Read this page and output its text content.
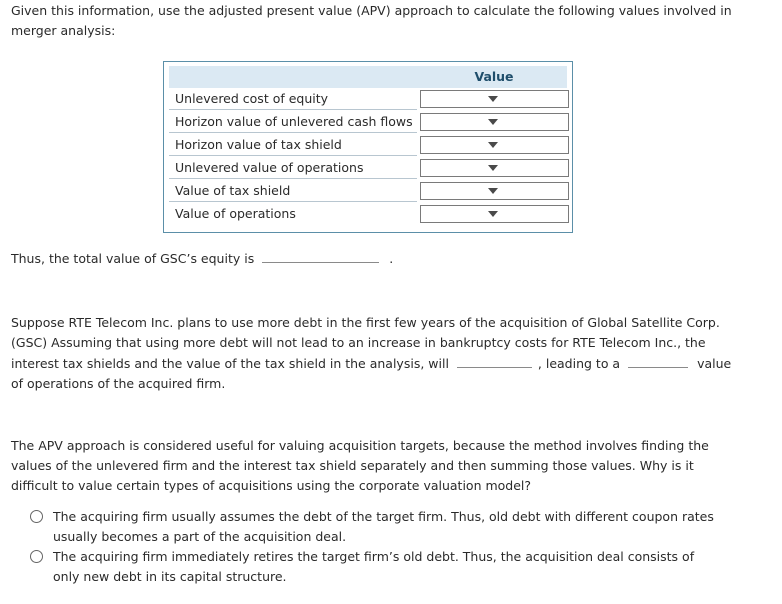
Given this information, use the adjusted present value (APV) approach to calculate the following values involved in merger analysis:

Value
Unlevered cost of equity
Horizon value of unlevered cash flows
Horizon value of tax shield
Unlevered value of operations
Value of tax shield
Value of operations

Thus, the total value of GSC’s equity is	.

Suppose RTE Telecom Inc. plans to use more debt in the first few years of the acquisition of Global Satellite Corp. (GSC) Assuming that using more debt will not lead to an increase in bankruptcy costs for RTE Telecom Inc., the interest tax shields and the value of the tax shield in the analysis, will	, leading to a	value of operations of the acquired firm.

The APV approach is considered useful for valuing acquisition targets, because the method involves finding the values of the unlevered firm and the interest tax shield separately and then summing those values. Why is it difficult to value certain types of acquisitions using the corporate valuation model?

The acquiring firm usually assumes the debt of the target firm. Thus, old debt with different coupon rates usually becomes a part of the acquisition deal.
The acquiring firm immediately retires the target firm’s old debt. Thus, the acquisition deal consists of only new debt in its capital structure.
